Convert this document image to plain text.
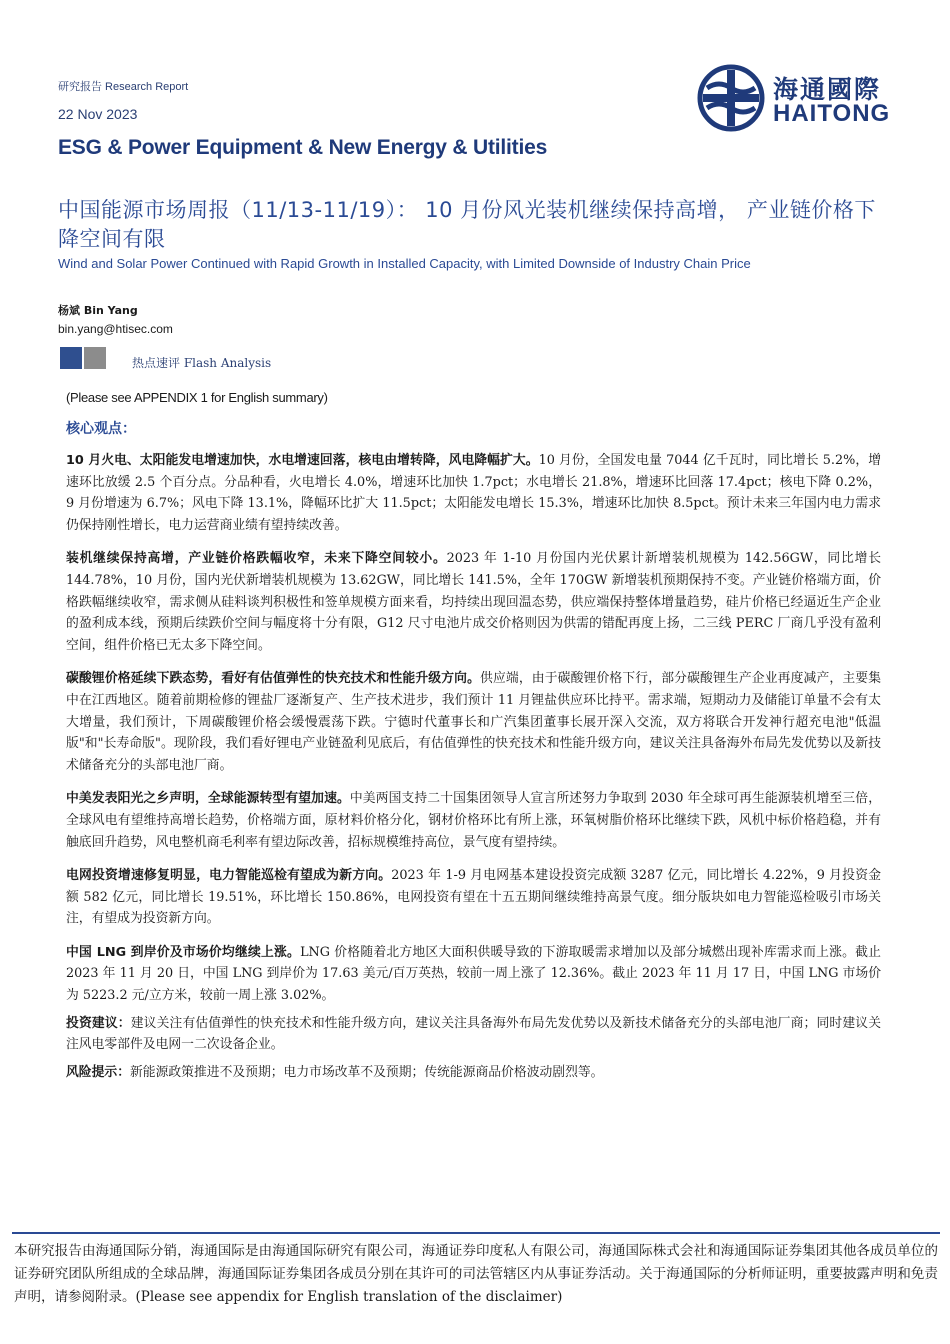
研究报告 Research Report
22 Nov 2023
ESG & Power Equipment & New Energy & Utilities
海通國際
HAITONG
中国能源市场周报（11/13-11/19）： 10 月份风光装机继续保持高增， 产业链价格下降空间有限
Wind and Solar Power Continued with Rapid Growth in Installed Capacity, with Limited Downside of Industry Chain Price
杨斌 Bin Yang
bin.yang@htisec.com
热点速评 Flash Analysis
(Please see APPENDIX 1 for English summary)
核心观点：

10 月火电、太阳能发电增速加快，水电增速回落，核电由增转降，风电降幅扩大。10 月份，全国发电量 7044 亿千瓦时，同比增长 5.2%，增速环比放缓 2.5 个百分点。分品种看，火电增长 4.0%，增速环比加快 1.7pct；水电增长 21.8%，增速环比回落 17.4pct；核电下降 0.2%，9 月份增速为 6.7%；风电下降 13.1%，降幅环比扩大 11.5pct；太阳能发电增长 15.3%，增速环比加快 8.5pct。预计未来三年国内电力需求仍保持刚性增长，电力运营商业绩有望持续改善。

装机继续保持高增，产业链价格跌幅收窄，未来下降空间较小。2023 年 1-10 月份国内光伏累计新增装机规模为 142.56GW，同比增长 144.78%，10 月份，国内光伏新增装机规模为 13.62GW，同比增长 141.5%，全年 170GW 新增装机预期保持不变。产业链价格端方面，价格跌幅继续收窄，需求侧从硅料谈判积极性和签单规模方面来看，均持续出现回温态势，供应端保持整体增量趋势，硅片价格已经逼近生产企业的盈利成本线，预期后续跌价空间与幅度将十分有限，G12 尺寸电池片成交价格则因为供需的错配再度上扬，二三线 PERC 厂商几乎没有盈利空间，组件价格已无太多下降空间。

碳酸锂价格延续下跌态势，看好有估值弹性的快充技术和性能升级方向。供应端，由于碳酸锂价格下行，部分碳酸锂生产企业再度减产，主要集中在江西地区。随着前期检修的锂盐厂逐渐复产、生产技术进步，我们预计 11 月锂盐供应环比持平。需求端，短期动力及储能订单量不会有太大增量，我们预计，下周碳酸锂价格会缓慢震荡下跌。宁德时代董事长和广汽集团董事长展开深入交流，双方将联合开发神行超充电池"低温版"和"长寿命版"。现阶段，我们看好锂电产业链盈利见底后，有估值弹性的快充技术和性能升级方向，建议关注具备海外布局先发优势以及新技术储备充分的头部电池厂商。

中美发表阳光之乡声明，全球能源转型有望加速。中美两国支持二十国集团领导人宣言所述努力争取到 2030 年全球可再生能源装机增至三倍，全球风电有望维持高增长趋势，价格端方面，原材料价格分化，钢材价格环比有所上涨，环氧树脂价格环比继续下跌，风机中标价格趋稳，并有触底回升趋势，风电整机商毛利率有望边际改善，招标规模维持高位，景气度有望持续。

电网投资增速修复明显，电力智能巡检有望成为新方向。2023 年 1-9 月电网基本建设投资完成额 3287 亿元，同比增长 4.22%，9 月投资金额 582 亿元，同比增长 19.51%，环比增长 150.86%，电网投资有望在十五五期间继续维持高景气度。细分版块如电力智能巡检吸引市场关注，有望成为投资新方向。

中国 LNG 到岸价及市场价均继续上涨。LNG 价格随着北方地区大面积供暖导致的下游取暖需求增加以及部分城燃出现补库需求而上涨。截止 2023 年 11 月 20 日，中国 LNG 到岸价为 17.63 美元/百万英热，较前一周上涨了 12.36%。截止 2023 年 11 月 17 日，中国 LNG 市场价为 5223.2 元/立方米，较前一周上涨 3.02%。

投资建议：建议关注有估值弹性的快充技术和性能升级方向，建议关注具备海外布局先发优势以及新技术储备充分的头部电池厂商；同时建议关注风电零部件及电网一二次设备企业。

风险提示：新能源政策推进不及预期；电力市场改革不及预期；传统能源商品价格波动剧烈等。

本研究报告由海通国际分销，海通国际是由海通国际研究有限公司，海通证券印度私人有限公司，海通国际株式会社和海通国际证券集团其他各成员单位的证券研究团队所组成的全球品牌，海通国际证券集团各成员分别在其许可的司法管辖区内从事证券活动。关于海通国际的分析师证明，重要披露声明和免责声明，请参阅附录。(Please see appendix for English translation of the disclaimer)
